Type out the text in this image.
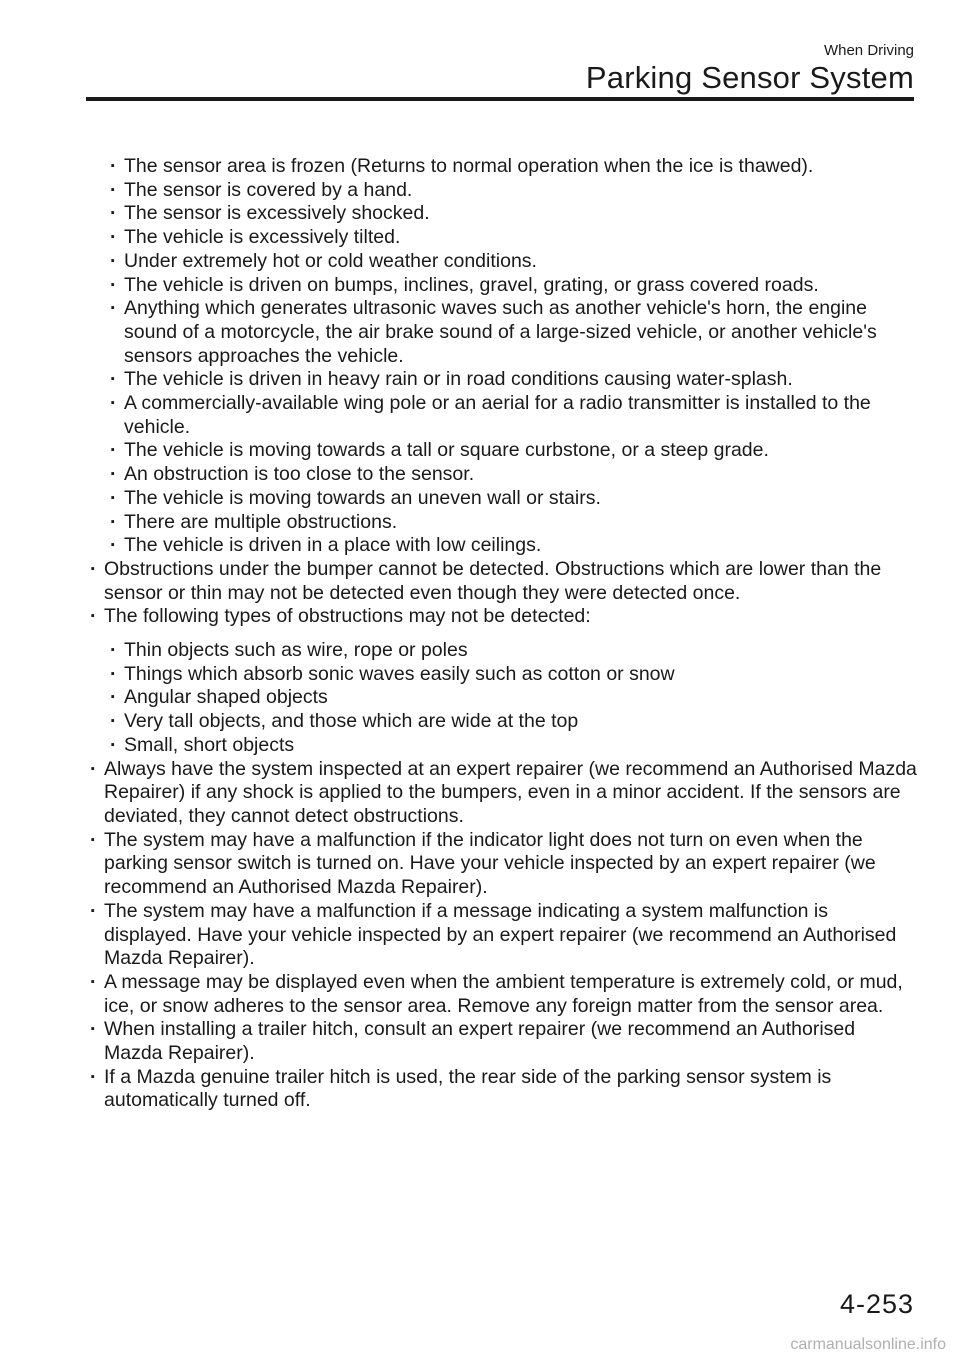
When Driving
Parking Sensor System
· The sensor area is frozen (Returns to normal operation when the ice is thawed).
· The sensor is covered by a hand.
· The sensor is excessively shocked.
· The vehicle is excessively tilted.
· Under extremely hot or cold weather conditions.
· The vehicle is driven on bumps, inclines, gravel, grating, or grass covered roads.
· Anything which generates ultrasonic waves such as another vehicle's horn, the engine sound of a motorcycle, the air brake sound of a large-sized vehicle, or another vehicle's sensors approaches the vehicle.
· The vehicle is driven in heavy rain or in road conditions causing water-splash.
· A commercially-available wing pole or an aerial for a radio transmitter is installed to the vehicle.
· The vehicle is moving towards a tall or square curbstone, or a steep grade.
· An obstruction is too close to the sensor.
· The vehicle is moving towards an uneven wall or stairs.
· There are multiple obstructions.
· The vehicle is driven in a place with low ceilings.
· Obstructions under the bumper cannot be detected. Obstructions which are lower than the sensor or thin may not be detected even though they were detected once.
· The following types of obstructions may not be detected:
· Thin objects such as wire, rope or poles
· Things which absorb sonic waves easily such as cotton or snow
· Angular shaped objects
· Very tall objects, and those which are wide at the top
· Small, short objects
· Always have the system inspected at an expert repairer (we recommend an Authorised Mazda Repairer) if any shock is applied to the bumpers, even in a minor accident. If the sensors are deviated, they cannot detect obstructions.
· The system may have a malfunction if the indicator light does not turn on even when the parking sensor switch is turned on. Have your vehicle inspected by an expert repairer (we recommend an Authorised Mazda Repairer).
· The system may have a malfunction if a message indicating a system malfunction is displayed. Have your vehicle inspected by an expert repairer (we recommend an Authorised Mazda Repairer).
· A message may be displayed even when the ambient temperature is extremely cold, or mud, ice, or snow adheres to the sensor area. Remove any foreign matter from the sensor area.
· When installing a trailer hitch, consult an expert repairer (we recommend an Authorised Mazda Repairer).
· If a Mazda genuine trailer hitch is used, the rear side of the parking sensor system is automatically turned off.
4-253
carmanualsonline.info
